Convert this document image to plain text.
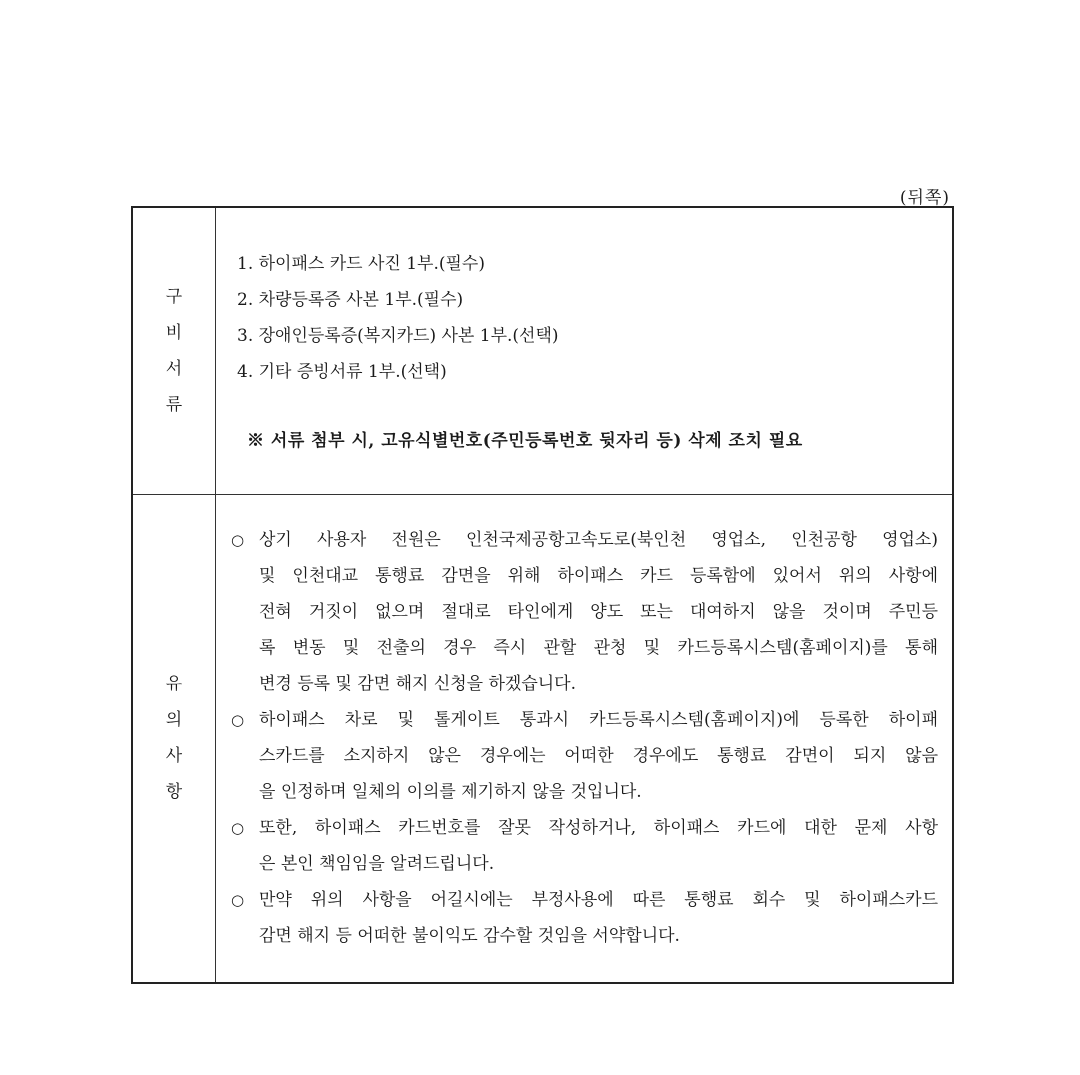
(뒤쪽)
구
비
서
류
1. 하이패스 카드 사진 1부.(필수)
2. 차량등록증 사본 1부.(필수)
3. 장애인등록증(복지카드) 사본 1부.(선택)
4. 기타 증빙서류 1부.(선택)
※ 서류 첨부 시, 고유식별번호(주민등록번호 뒷자리 등) 삭제 조치 필요
유
의
사
항
○ 상기 사용자 전원은 인천국제공항고속도로(북인천 영업소, 인천공항 영업소)
및 인천대교 통행료 감면을 위해 하이패스 카드 등록함에 있어서 위의 사항에
전혀 거짓이 없으며 절대로 타인에게 양도 또는 대여하지 않을 것이며 주민등
록 변동 및 전출의 경우 즉시 관할 관청 및 카드등록시스템(홈페이지)를 통해
변경 등록 및 감면 해지 신청을 하겠습니다.
○ 하이패스 차로 및 톨게이트 통과시 카드등록시스템(홈페이지)에 등록한 하이패
스카드를 소지하지 않은 경우에는 어떠한 경우에도 통행료 감면이 되지 않음
을 인정하며 일체의 이의를 제기하지 않을 것입니다.
○ 또한, 하이패스 카드번호를 잘못 작성하거나, 하이패스 카드에 대한 문제 사항
은 본인 책임임을 알려드립니다.
○ 만약 위의 사항을 어길시에는 부정사용에 따른 통행료 회수 및 하이패스카드
감면 해지 등 어떠한 불이익도 감수할 것임을 서약합니다.
